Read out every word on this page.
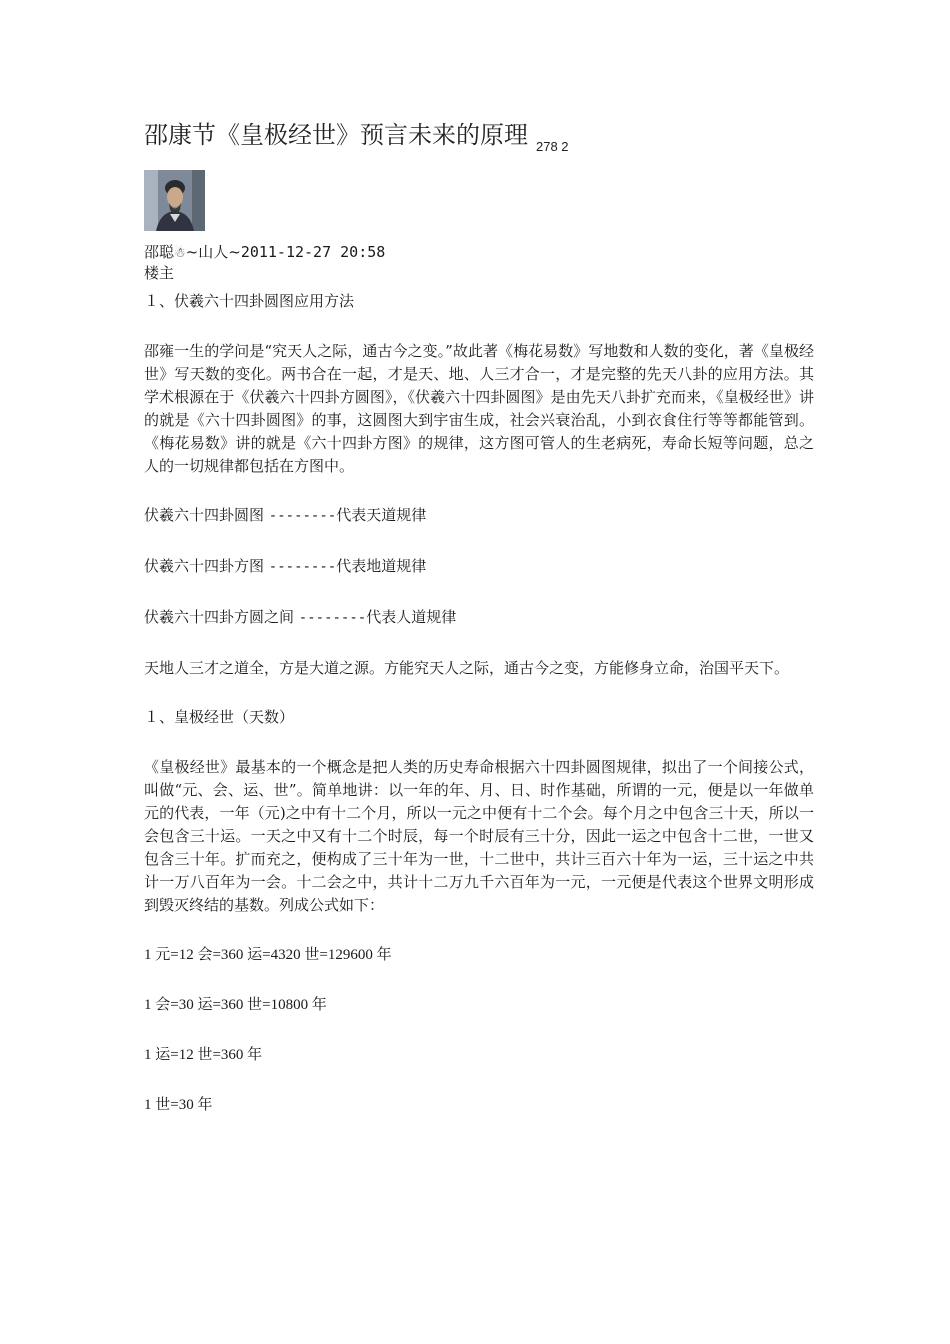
邵康节《皇极经世》预言未来的原理 $_{278 2}$
邵聪☃~山人~2011-12-27 20:58
楼主

１、伏羲六十四卦圆图应用方法

邵雍一生的学问是“究天人之际，通古今之变。”故此著《梅花易数》写地数和人数的变化，著《皇极经世》写天数的变化。两书合在一起，才是天、地、人三才合一，才是完整的先天八卦的应用方法。其学术根源在于《伏羲六十四卦方圆图》，《伏羲六十四卦圆图》是由先天八卦扩充而来，《皇极经世》讲的就是《六十四卦圆图》的事，这圆图大到宇宙生成，社会兴衰治乱，小到衣食住行等等都能管到。《梅花易数》讲的就是《六十四卦方图》的规律，这方图可管人的生老病死，寿命长短等问题，总之人的一切规律都包括在方图中。

伏羲六十四卦圆图 --------代表天道规律

伏羲六十四卦方图 --------代表地道规律

伏羲六十四卦方圆之间 --------代表人道规律

天地人三才之道全，方是大道之源。方能究天人之际，通古今之变，方能修身立命，治国平天下。

１、皇极经世（天数）

《皇极经世》最基本的一个概念是把人类的历史寿命根据六十四卦圆图规律，拟出了一个间接公式，叫做“元、会、运、世”。简单地讲：以一年的年、月、日、时作基础，所谓的一元，便是以一年做单元的代表，一年（元)之中有十二个月，所以一元之中便有十二个会。每个月之中包含三十天，所以一会包含三十运。一天之中又有十二个时辰，每一个时辰有三十分，因此一运之中包含十二世，一世又包含三十年。扩而充之，便构成了三十年为一世，十二世中，共计三百六十年为一运，三十运之中共计一万八百年为一会。十二会之中，共计十二万九千六百年为一元，一元便是代表这个世界文明形成到毁灭终结的基数。列成公式如下：

1 元=12 会=360 运=4320 世=129600 年

1 会=30 运=360 世=10800 年

1 运=12 世=360 年

1 世=30 年
